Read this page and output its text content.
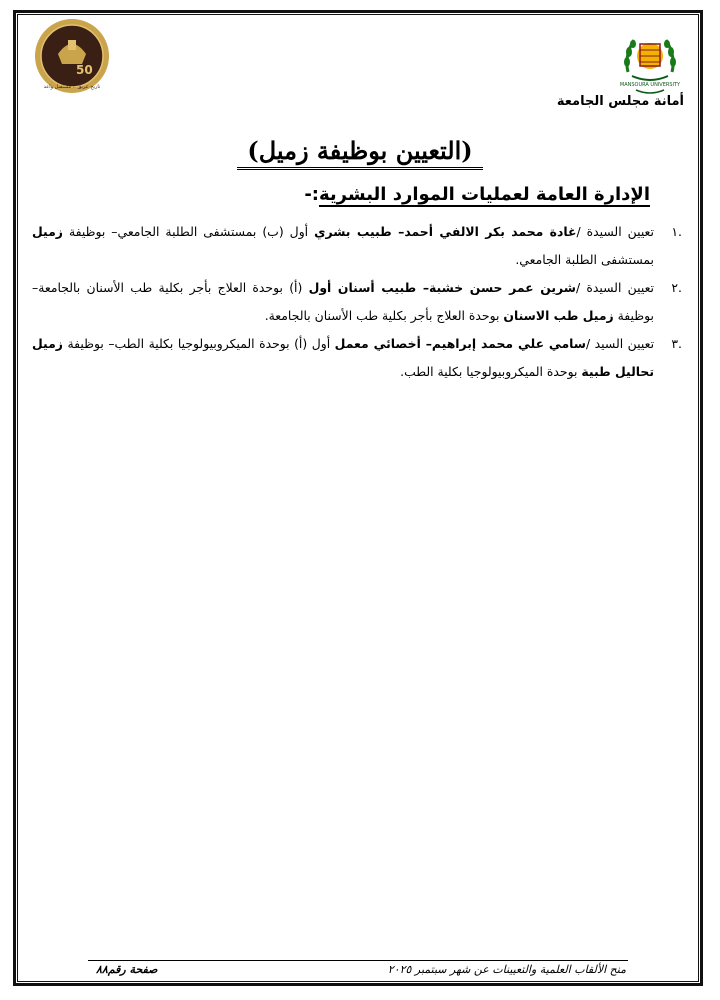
MANSOURA UNIVERSITY
أمانة مجلس الجامعة
50
تاريخ عريق .. مستقبل واعد
(التعيين بوظيفة زميل)
الإدارة العامة لعمليات الموارد البشرية:-
.١
تعيين السيدة /غادة محمد بكر الالفي أحمد– طبيب بشري أول (ب) بمستشفى الطلبة الجامعي– بوظيفة زميل بمستشفى الطلبة الجامعي.
.٢
تعيين السيدة /شرين عمر حسن خشبة– طبيب أسنان أول (أ) بوحدة العلاج بأجر بكلية طب الأسنان بالجامعة– بوظيفة زميل طب الاسنان بوحدة العلاج بأجر بكلية طب الأسنان بالجامعة.
.٣
تعيين السيد /سامي علي محمد إبراهيم– أخصائي معمل أول (أ) بوحدة الميكروبيولوجيا بكلية الطب– بوظيفة زميل تحاليل طبية بوحدة الميكروبيولوجيا بكلية الطب.
منح الألقاب العلمية والتعيينات عن شهر سبتمبر ٢٠٢٥
صفحة رقم٨٨
